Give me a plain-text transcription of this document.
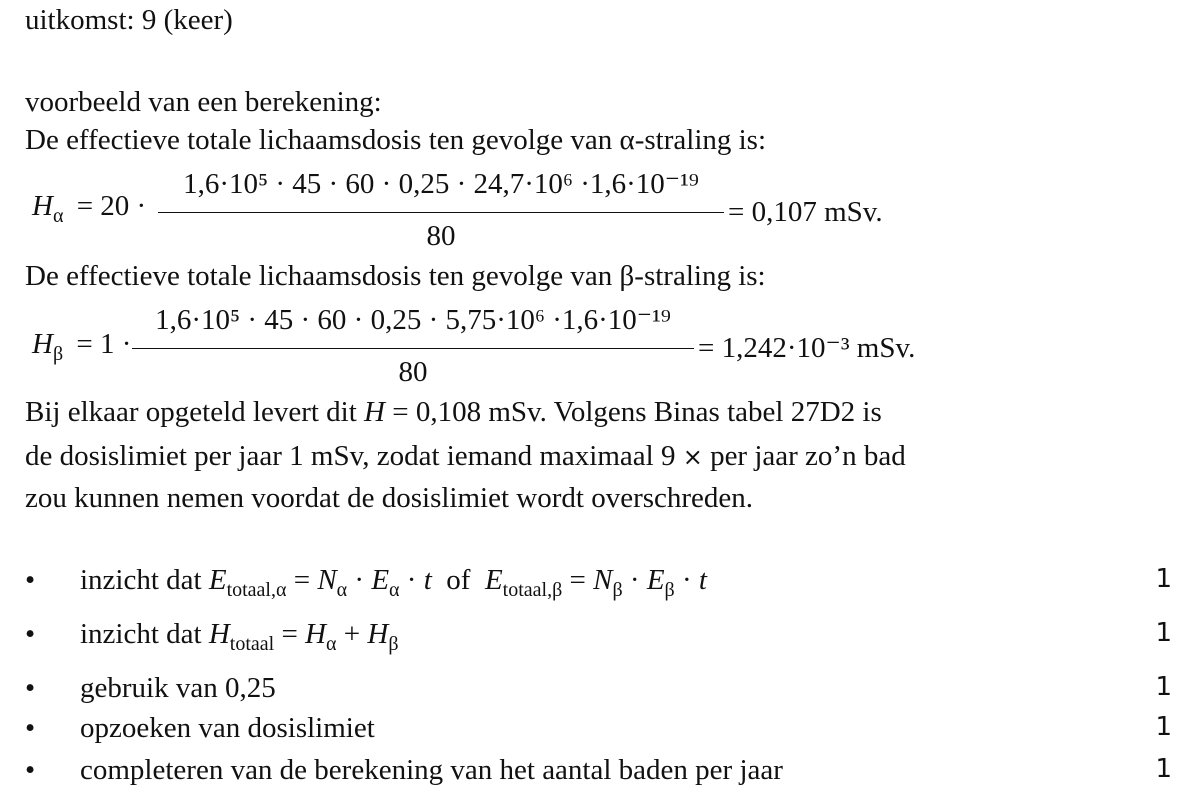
uitkomst: 9 (keer)
voorbeeld van een berekening:
De effectieve totale lichaamsdosis ten gevolge van α-straling is:
$H_\alpha = 20$ ·
1,6·10⁵ · 45 · 60 · 0,25 · 24,7·10⁶ ·1,6·10⁻¹⁹
80
= 0,107 mSv.
De effectieve totale lichaamsdosis ten gevolge van β-straling is:
$H_\beta = 1$ ·
1,6·10⁵ · 45 · 60 · 0,25 · 5,75·10⁶ ·1,6·10⁻¹⁹
80
= 1,242·10⁻³ mSv.
Bij elkaar opgeteld levert dit H = 0,108 mSv. Volgens Binas tabel 27D2 is
de dosislimiet per jaar 1 mSv, zodat iemand maximaal 9 × per jaar zo’n bad
zou kunnen nemen voordat de dosislimiet wordt overschreden.
• inzicht dat $E_{totaal,\alpha} = N_\alpha \cdot E_\alpha \cdot t$  of  $E_{totaal,\beta} = N_\beta \cdot E_\beta \cdot t$	1
• inzicht dat $H_{totaal} = H_\alpha + H_\beta$	1
• gebruik van 0,25	1
• opzoeken van dosislimiet	1
• completeren van de berekening van het aantal baden per jaar	1
